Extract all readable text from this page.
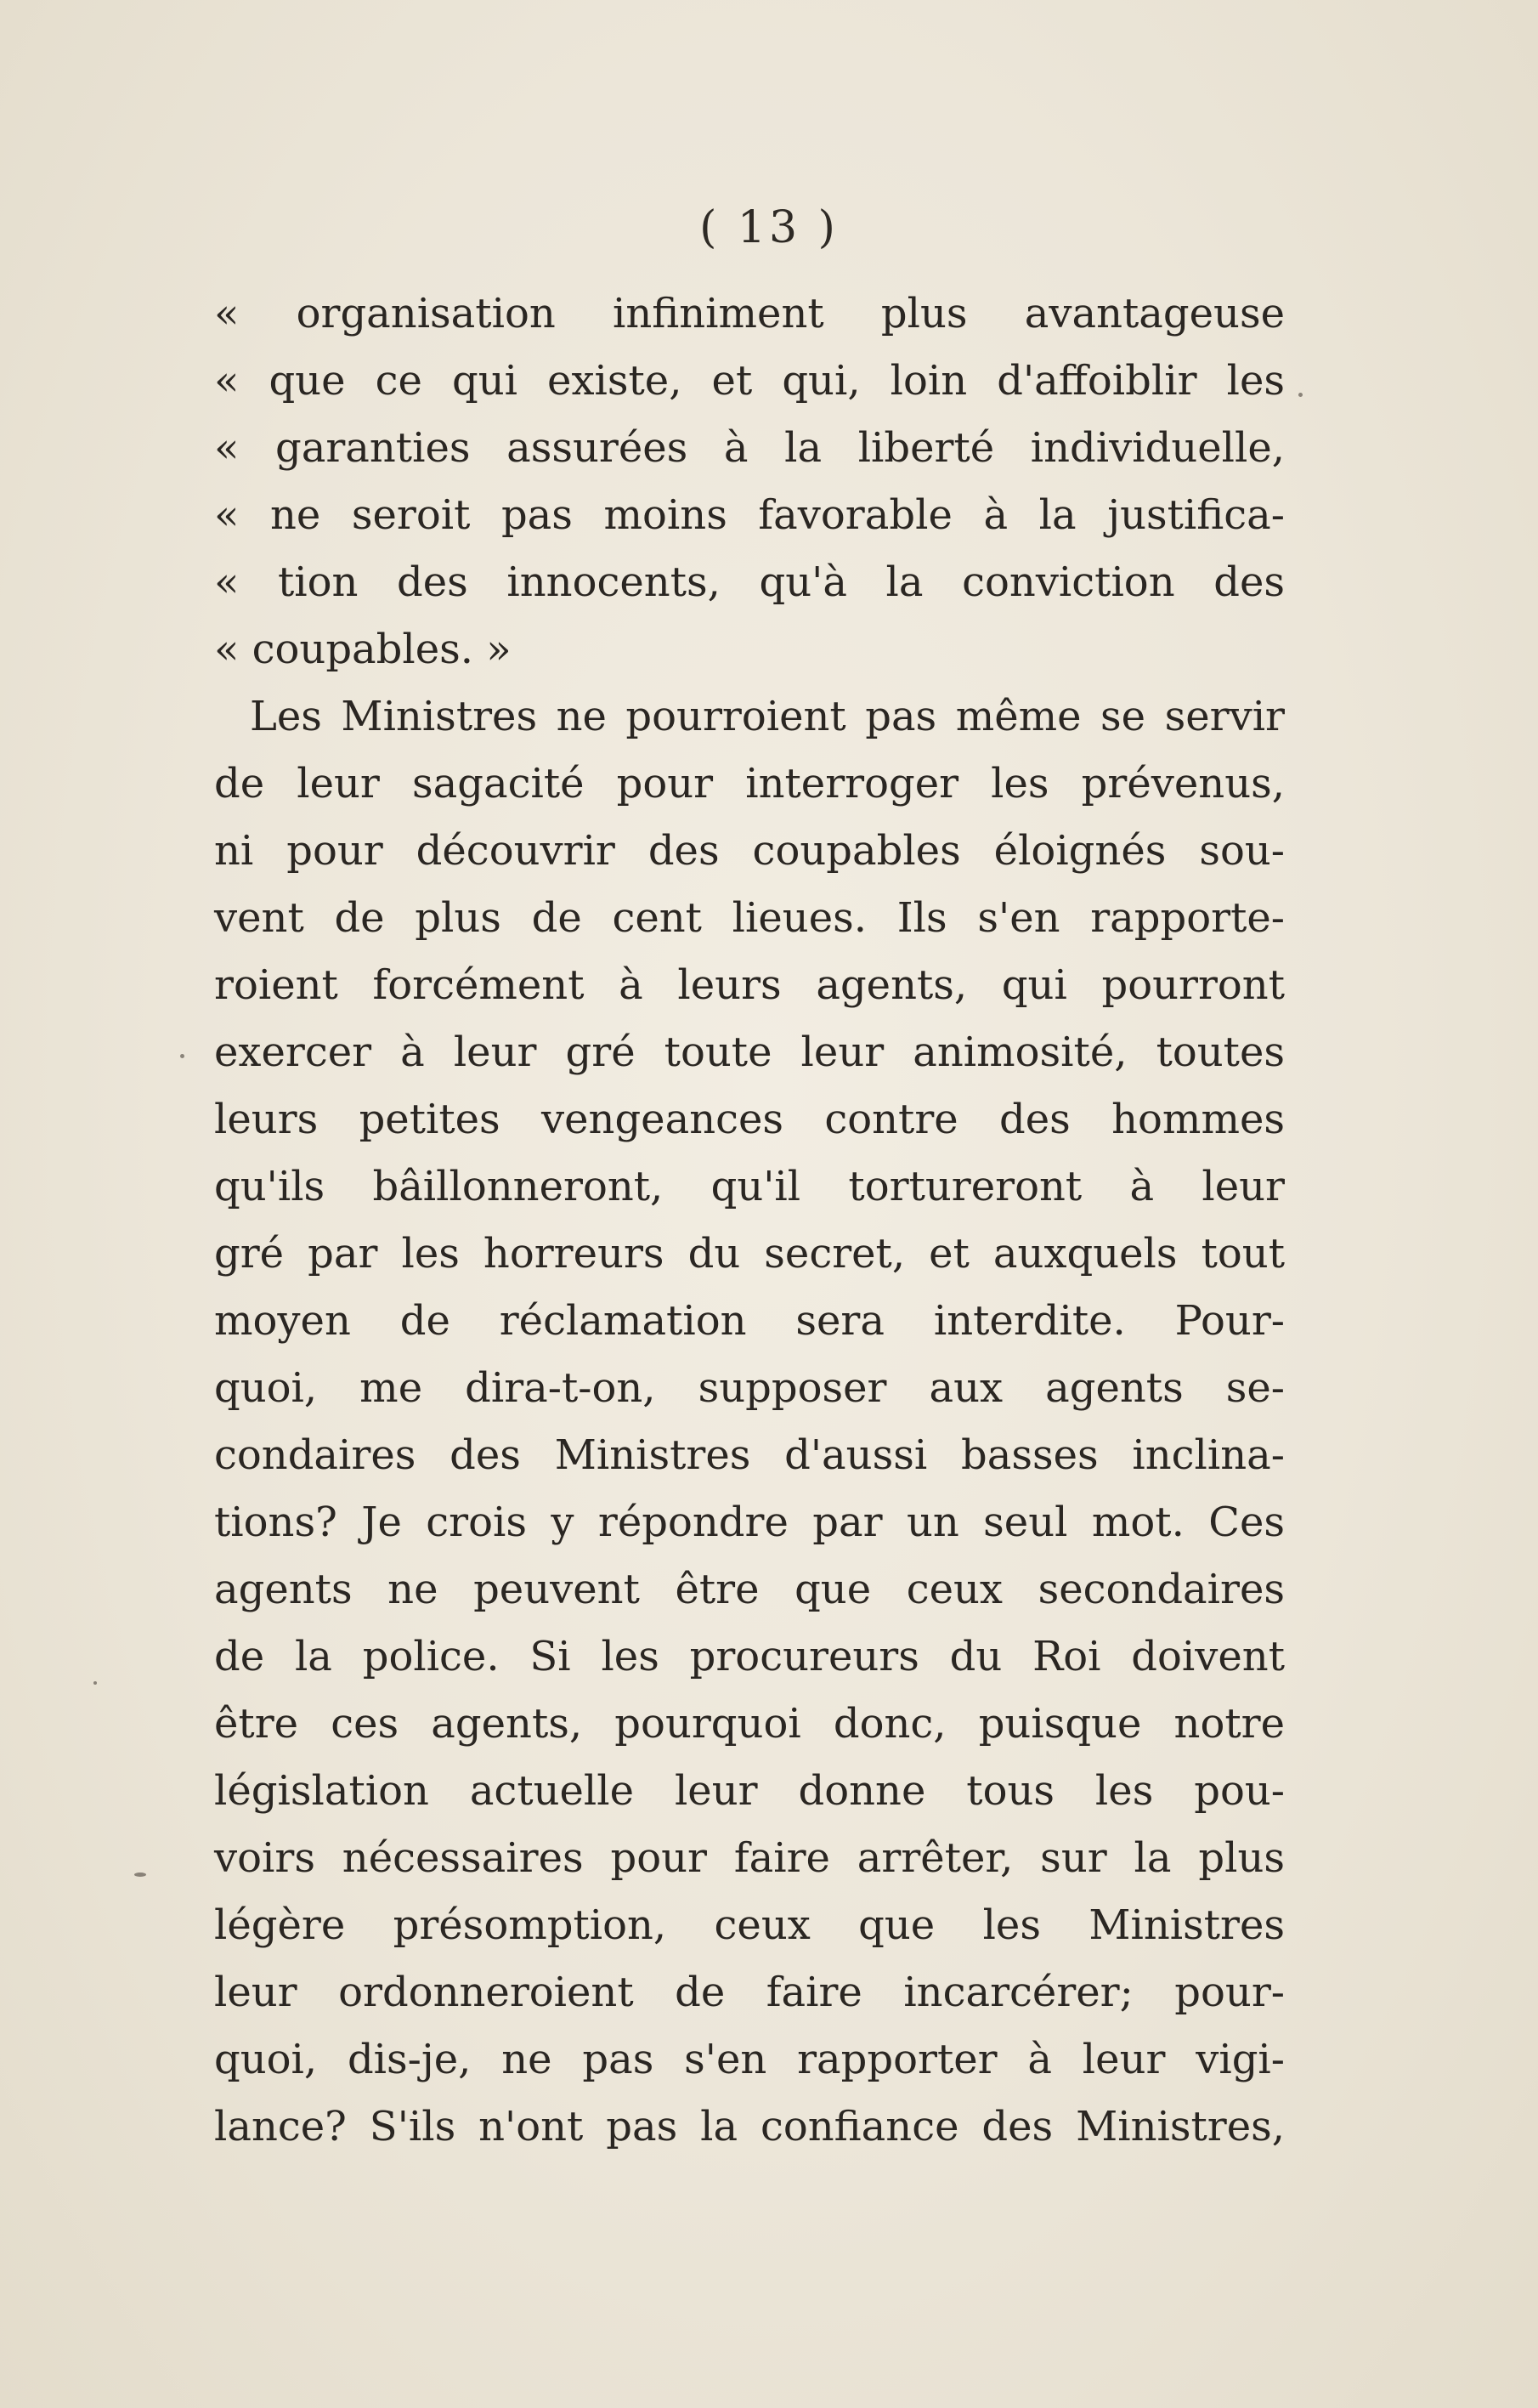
( 13 )
« organisation infiniment plus avantageuse
« que ce qui existe, et qui, loin d'affoiblir les
« garanties assurées à la liberté individuelle,
« ne seroit pas moins favorable à la justifica-
« tion des innocents, qu'à la conviction des
« coupables. »
Les Ministres ne pourroient pas même se servir
de leur sagacité pour interroger les prévenus,
ni pour découvrir des coupables éloignés sou-
vent de plus de cent lieues. Ils s'en rapporte-
roient forcément à leurs agents, qui pourront
exercer à leur gré toute leur animosité, toutes
leurs petites vengeances contre des hommes
qu'ils bâillonneront, qu'il tortureront à leur
gré par les horreurs du secret, et auxquels tout
moyen de réclamation sera interdite. Pour-
quoi, me dira-t-on, supposer aux agents se-
condaires des Ministres d'aussi basses inclina-
tions? Je crois y répondre par un seul mot. Ces
agents ne peuvent être que ceux secondaires
de la police. Si les procureurs du Roi doivent
être ces agents, pourquoi donc, puisque notre
législation actuelle leur donne tous les pou-
voirs nécessaires pour faire arrêter, sur la plus
légère présomption, ceux que les Ministres
leur ordonneroient de faire incarcérer; pour-
quoi, dis-je, ne pas s'en rapporter à leur vigi-
lance? S'ils n'ont pas la confiance des Ministres,
